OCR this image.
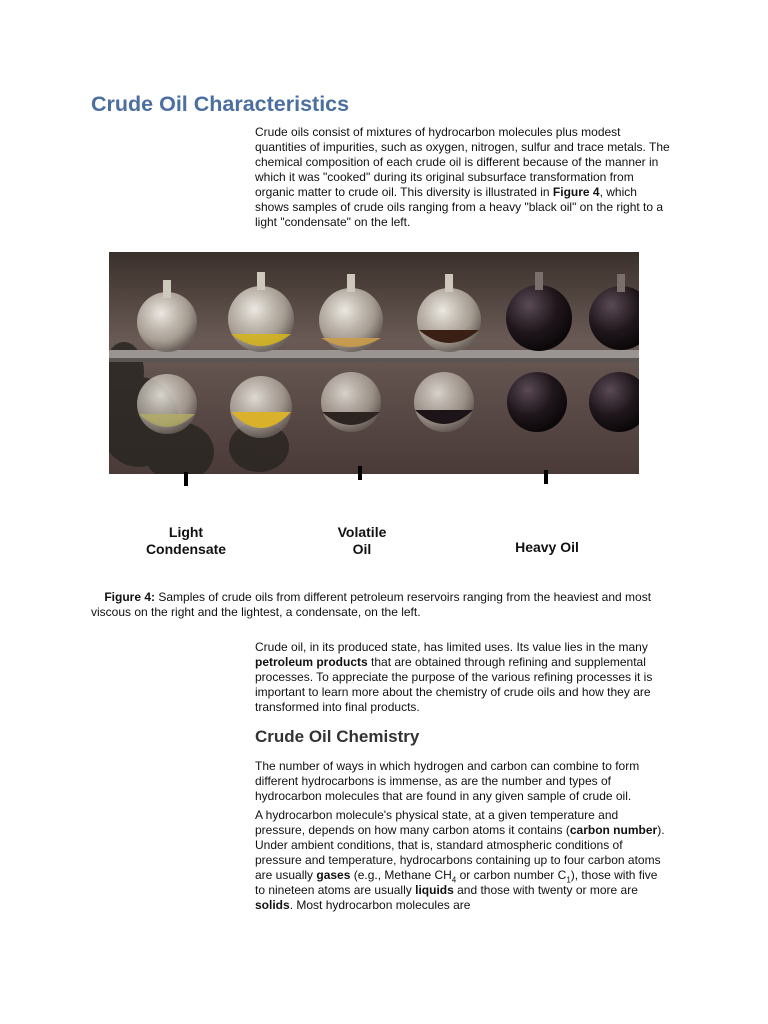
Crude Oil Characteristics

Crude oils consist of mixtures of hydrocarbon molecules plus modest quantities of impurities, such as oxygen, nitrogen, sulfur and trace metals. The chemical composition of each crude oil is different because of the manner in which it was "cooked" during its original subsurface transformation from organic matter to crude oil. This diversity is illustrated in Figure 4, which shows samples of crude oils ranging from a heavy "black oil" on the right to a light "condensate" on the left.

Light
Condensate
Volatile
Oil	Heavy Oil

Figure 4: Samples of crude oils from different petroleum reservoirs ranging from the heaviest and most viscous on the right and the lightest, a condensate, on the left.

Crude oil, in its produced state, has limited uses. Its value lies in the many petroleum products that are obtained through refining and supplemental processes. To appreciate the purpose of the various refining processes it is important to learn more about the chemistry of crude oils and how they are transformed into final products.

Crude Oil Chemistry

The number of ways in which hydrogen and carbon can combine to form different hydrocarbons is immense, as are the number and types of hydrocarbon molecules that are found in any given sample of crude oil.

A hydrocarbon molecule's physical state, at a given temperature and pressure, depends on how many carbon atoms it contains (carbon number). Under ambient conditions, that is, standard atmospheric conditions of pressure and temperature, hydrocarbons containing up to four carbon atoms are usually gases (e.g., Methane $CH_4$ or carbon number $C_1$), those with five to nineteen atoms are usually liquids and those with twenty or more are solids. Most hydrocarbon molecules are
